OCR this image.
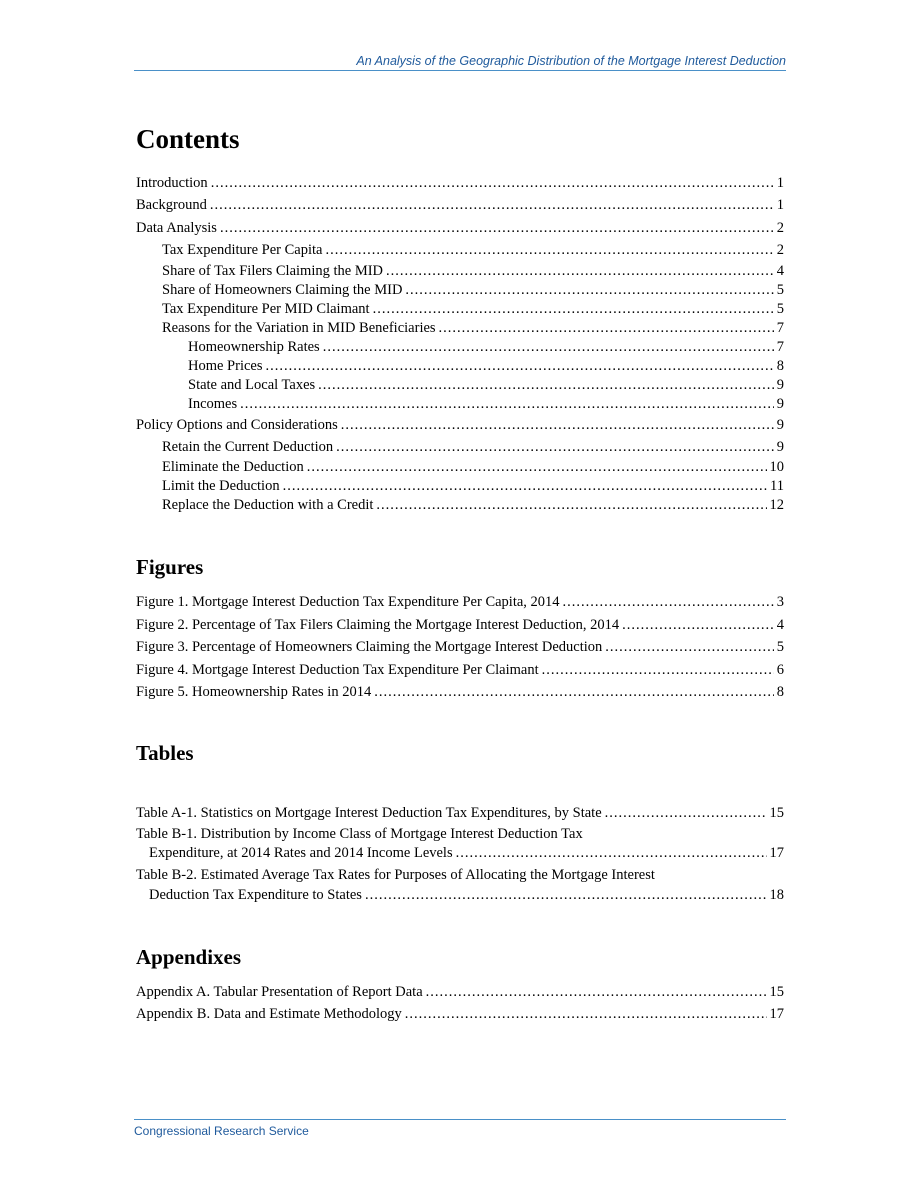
An Analysis of the Geographic Distribution of the Mortgage Interest Deduction
Contents
Introduction .....	1
Background .....	1
Data Analysis .....	2
Tax Expenditure Per Capita .....	2
Share of Tax Filers Claiming the MID .....	4
Share of Homeowners Claiming the MID .....	5
Tax Expenditure Per MID Claimant .....	5
Reasons for the Variation in MID Beneficiaries .....	7
Homeownership Rates .....	7
Home Prices .....	8
State and Local Taxes .....	9
Incomes .....	9
Policy Options and Considerations .....	9
Retain the Current Deduction .....	9
Eliminate the Deduction .....	10
Limit the Deduction .....	11
Replace the Deduction with a Credit .....	12
Figures
Figure 1. Mortgage Interest Deduction Tax Expenditure Per Capita, 2014 .....	3
Figure 2. Percentage of Tax Filers Claiming the Mortgage Interest Deduction, 2014 .....	4
Figure 3. Percentage of Homeowners Claiming the Mortgage Interest Deduction .....	5
Figure 4. Mortgage Interest Deduction Tax Expenditure Per Claimant .....	6
Figure 5. Homeownership Rates in 2014 .....	8
Tables
Table A-1. Statistics on Mortgage Interest Deduction Tax Expenditures, by State .....	15
Table B-1. Distribution by Income Class of Mortgage Interest Deduction Tax
Expenditure, at 2014 Rates and 2014 Income Levels .....	17
Table B-2. Estimated Average Tax Rates for Purposes of Allocating the Mortgage Interest
Deduction Tax Expenditure to States .....	18
Appendixes
Appendix A. Tabular Presentation of Report Data .....	15
Appendix B. Data and Estimate Methodology .....	17
Congressional Research Service
